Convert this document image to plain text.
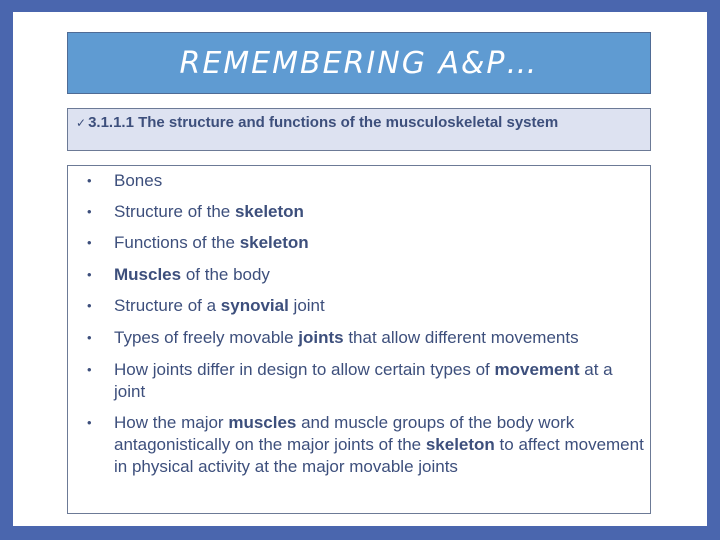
REMEMBERING A&P…
✓ 3.1.1.1 The structure and functions of the musculoskeletal system
• Bones
• Structure of the skeleton
• Functions of the skeleton
• Muscles of the body
• Structure of a synovial joint
• Types of freely movable joints that allow different movements
• How joints differ in design to allow certain types of movement at a joint
• How the major muscles and muscle groups of the body work antagonistically on the major joints of the skeleton to affect movement in physical activity at the major movable joints
